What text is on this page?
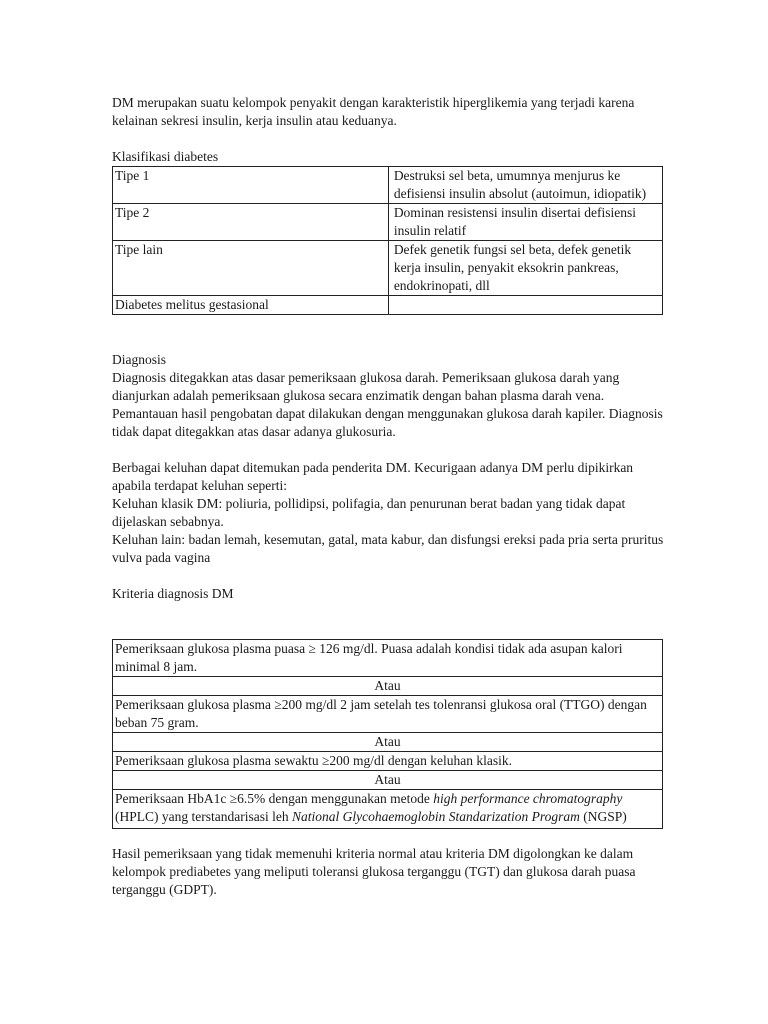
DM merupakan suatu kelompok penyakit dengan karakteristik hiperglikemia yang terjadi karena kelainan sekresi insulin, kerja insulin atau keduanya.

Klasifikasi diabetes

Tipe 1	Destruksi sel beta, umumnya menjurus ke defisiensi insulin absolut (autoimun, idiopatik)
Tipe 2	Dominan resistensi insulin disertai defisiensi insulin relatif
Tipe lain	Defek genetik fungsi sel beta, defek genetik kerja insulin, penyakit eksokrin pankreas, endokrinopati, dll
Diabetes melitus gestasional	

Diagnosis

Diagnosis ditegakkan atas dasar pemeriksaan glukosa darah. Pemeriksaan glukosa darah yang dianjurkan adalah pemeriksaan glukosa secara enzimatik dengan bahan plasma darah vena. Pemantauan hasil pengobatan dapat dilakukan dengan menggunakan glukosa darah kapiler. Diagnosis tidak dapat ditegakkan atas dasar adanya glukosuria.

Berbagai keluhan dapat ditemukan pada penderita DM. Kecurigaan adanya DM perlu dipikirkan apabila terdapat keluhan seperti:

Keluhan klasik DM: poliuria, pollidipsi, polifagia, dan penurunan berat badan yang tidak dapat dijelaskan sebabnya.

Keluhan lain: badan lemah, kesemutan, gatal, mata kabur, dan disfungsi ereksi pada pria serta pruritus vulva pada vagina

Kriteria diagnosis DM

Pemeriksaan glukosa plasma puasa ≥ 126 mg/dl. Puasa adalah kondisi tidak ada asupan kalori minimal 8 jam.
Atau
Pemeriksaan glukosa plasma ≥200 mg/dl 2 jam setelah tes tolenransi glukosa oral (TTGO) dengan beban 75 gram.
Atau
Pemeriksaan glukosa plasma sewaktu ≥200 mg/dl dengan keluhan klasik.
Atau
Pemeriksaan HbA1c ≥6.5% dengan menggunakan metode high performance chromatography (HPLC) yang terstandarisasi leh National Glycohaemoglobin Standarization Program (NGSP)

Hasil pemeriksaan yang tidak memenuhi kriteria normal atau kriteria DM digolongkan ke dalam kelompok prediabetes yang meliputi toleransi glukosa terganggu (TGT) dan glukosa darah puasa terganggu (GDPT).
